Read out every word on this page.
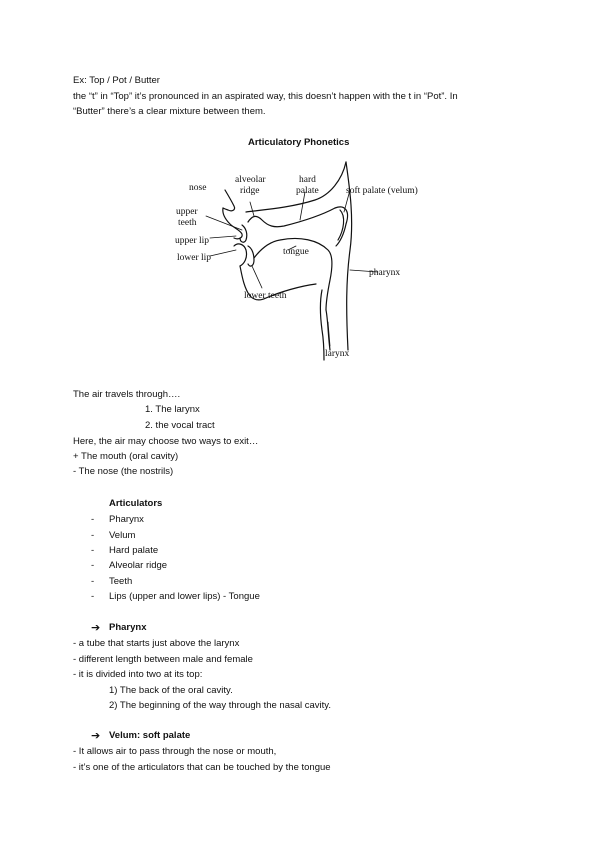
Ex: Top / Pot / Butter
the “t” in “Top” it’s pronounced in an aspirated way, this doesn’t happen with the t in “Pot”. In
“Butter” there’s a clear mixture between them.
Articulatory Phonetics
nose
alveolar
ridge
hard
palate	soft palate (velum)
upper
teeth
upper lip
lower lip
tongue
pharynx
lower teeth
larynx
The air travels through….
1. The larynx
2. the vocal tract
Here, the air may choose two ways to exit…
+ The mouth (oral cavity)
- The nose (the nostrils)
Articulators
- Pharynx
- Velum
- Hard palate
- Alveolar ridge
- Teeth
- Lips (upper and lower lips) - Tongue
➔ Pharynx
- a tube that starts just above the larynx
- different length between male and female
- it is divided into two at its top:
1) The back of the oral cavity.
2) The beginning of the way through the nasal cavity.
➔ Velum: soft palate
- It allows air to pass through the nose or mouth,
- it’s one of the articulators that can be touched by the tongue
